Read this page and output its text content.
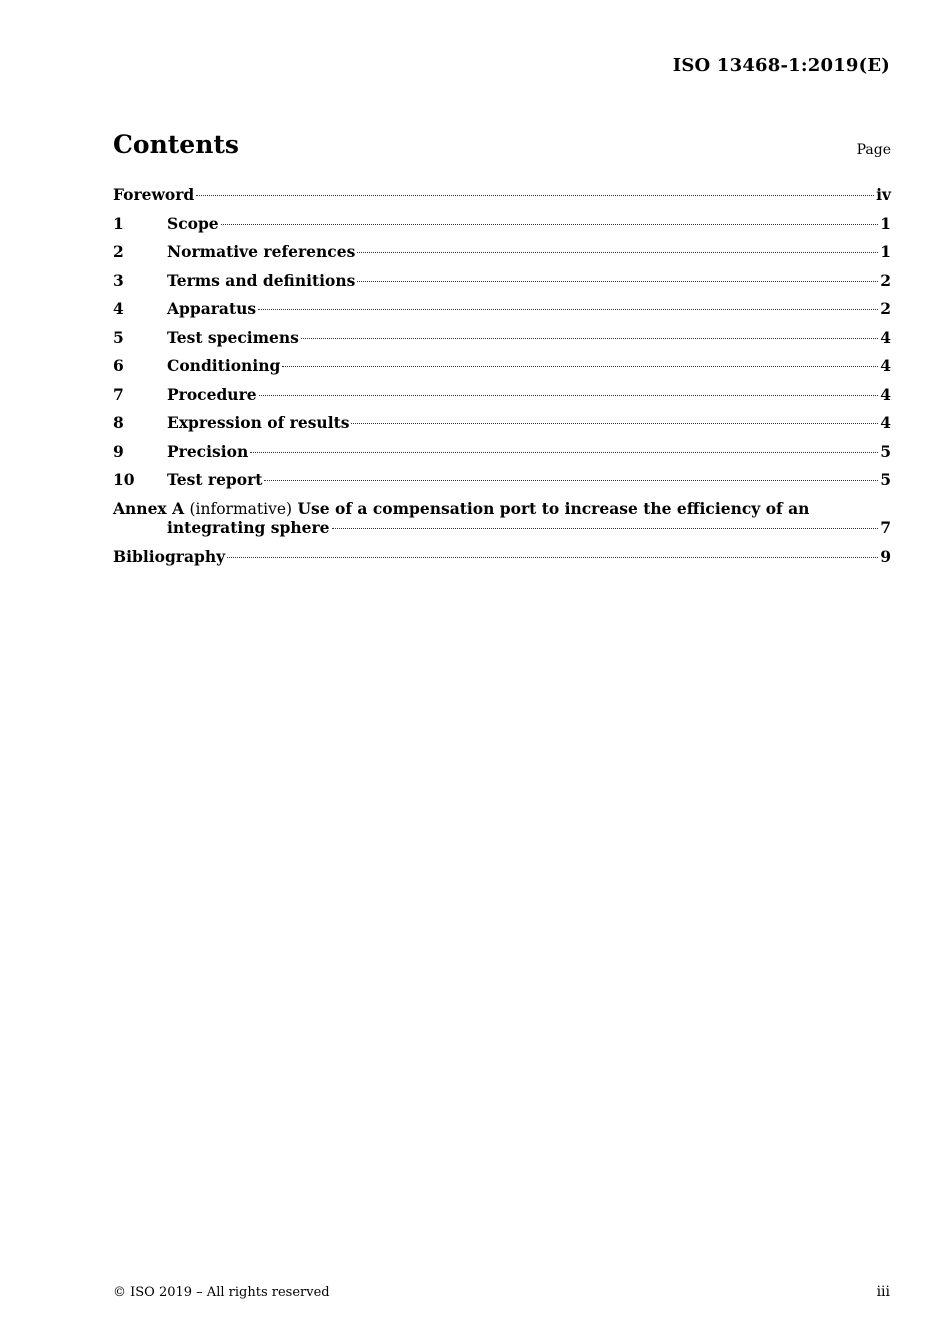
ISO 13468-1:2019(E)
Contents	Page
Foreword	iv
1	Scope	1
2	Normative references	1
3	Terms and definitions	2
4	Apparatus	2
5	Test specimens	4
6	Conditioning	4
7	Procedure	4
8	Expression of results	4
9	Precision	5
10	Test report	5
Annex A (informative) Use of a compensation port to increase the efficiency of an
integrating sphere	7
Bibliography	9
© ISO 2019 – All rights reserved	iii
